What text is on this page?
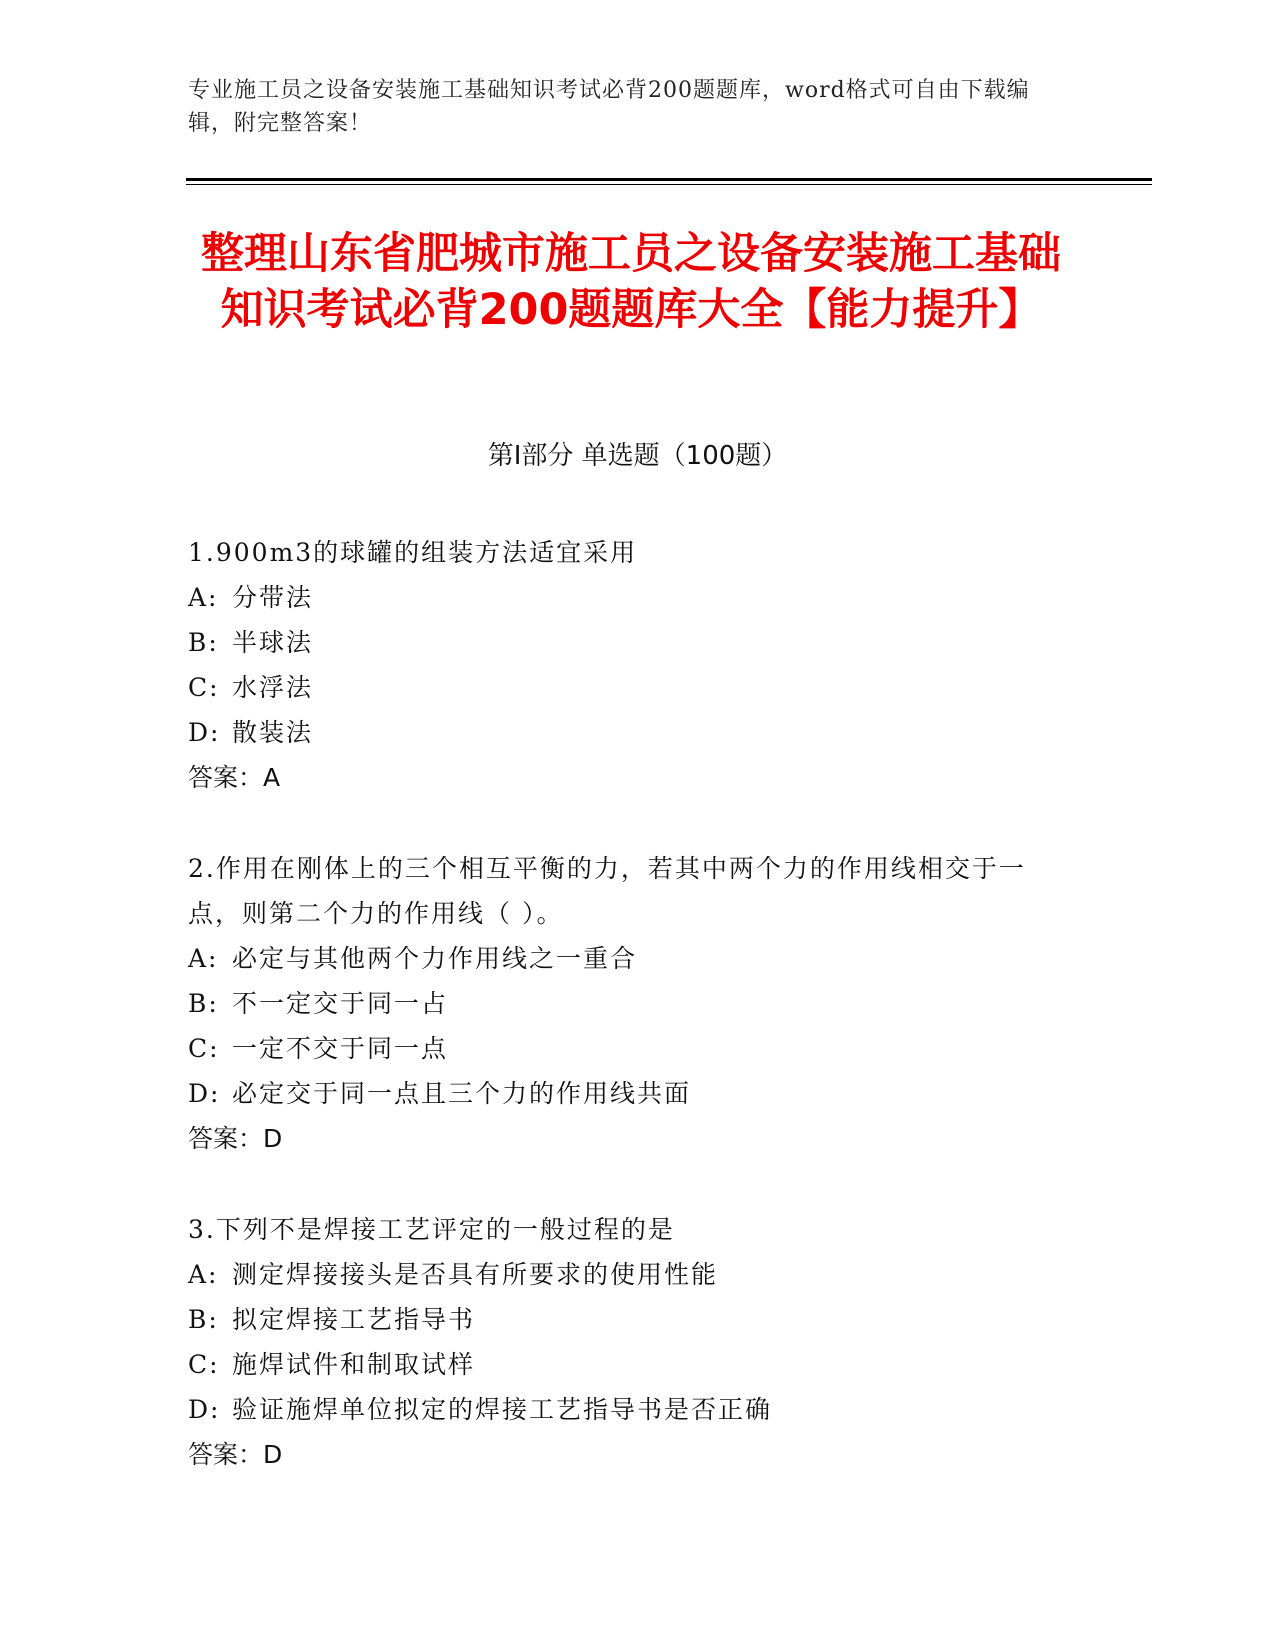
专业施工员之设备安装施工基础知识考试必背200题题库，word格式可自由下载编辑，附完整答案！
整理山东省肥城市施工员之设备安装施工基础知识考试必背200题题库大全【能力提升】
第I部分 单选题（100题）
1.900m3的球罐的组装方法适宜采用
A: 分带法
B: 半球法
C: 水浮法
D: 散装法
答案：A
2.作用在刚体上的三个相互平衡的力，若其中两个力的作用线相交于一点，则第二个力的作用线（ ）。
A: 必定与其他两个力作用线之一重合
B: 不一定交于同一占
C: 一定不交于同一点
D: 必定交于同一点且三个力的作用线共面
答案：D
3.下列不是焊接工艺评定的一般过程的是
A: 测定焊接接头是否具有所要求的使用性能
B: 拟定焊接工艺指导书
C: 施焊试件和制取试样
D: 验证施焊单位拟定的焊接工艺指导书是否正确
答案：D
